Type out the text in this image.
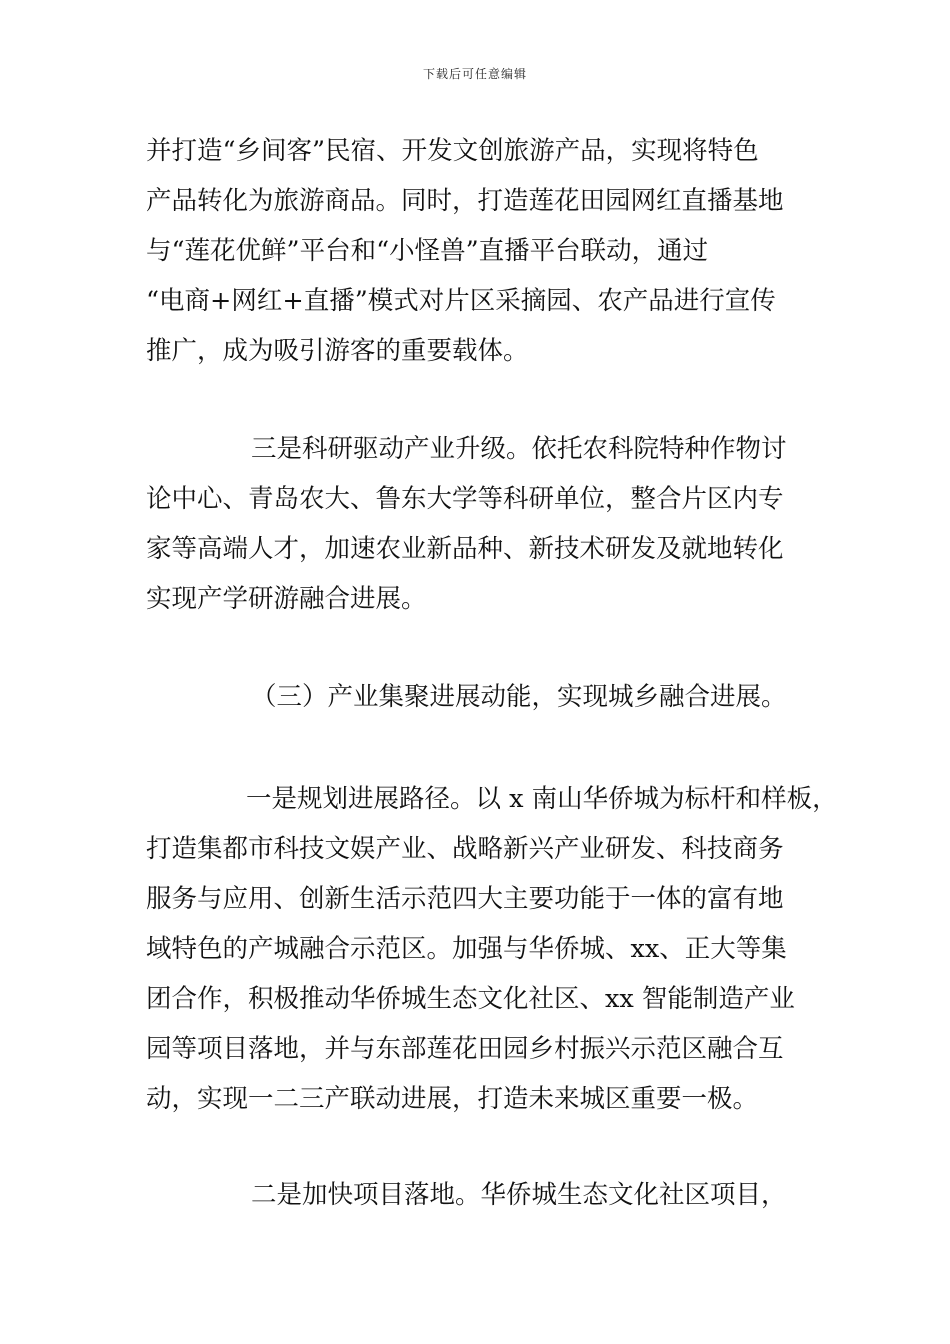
下载后可任意编辑
并打造“乡间客”民宿、开发文创旅游产品，实现将特色
产品转化为旅游商品。同时，打造莲花田园网红直播基地
与“莲花优鲜”平台和“小怪兽”直播平台联动，通过
“电商+网红+直播”模式对片区采摘园、农产品进行宣传
推广，成为吸引游客的重要载体。
三是科研驱动产业升级。依托农科院特种作物讨
论中心、青岛农大、鲁东大学等科研单位，整合片区内专
家等高端人才，加速农业新品种、新技术研发及就地转化
实现产学研游融合进展。
（三）产业集聚进展动能，实现城乡融合进展。
一是规划进展路径。以 x 南山华侨城为标杆和样板，
打造集都市科技文娱产业、战略新兴产业研发、科技商务
服务与应用、创新生活示范四大主要功能于一体的富有地
域特色的产城融合示范区。加强与华侨城、xx、正大等集
团合作，积极推动华侨城生态文化社区、xx 智能制造产业
园等项目落地，并与东部莲花田园乡村振兴示范区融合互
动，实现一二三产联动进展，打造未来城区重要一极。
二是加快项目落地。华侨城生态文化社区项目，
